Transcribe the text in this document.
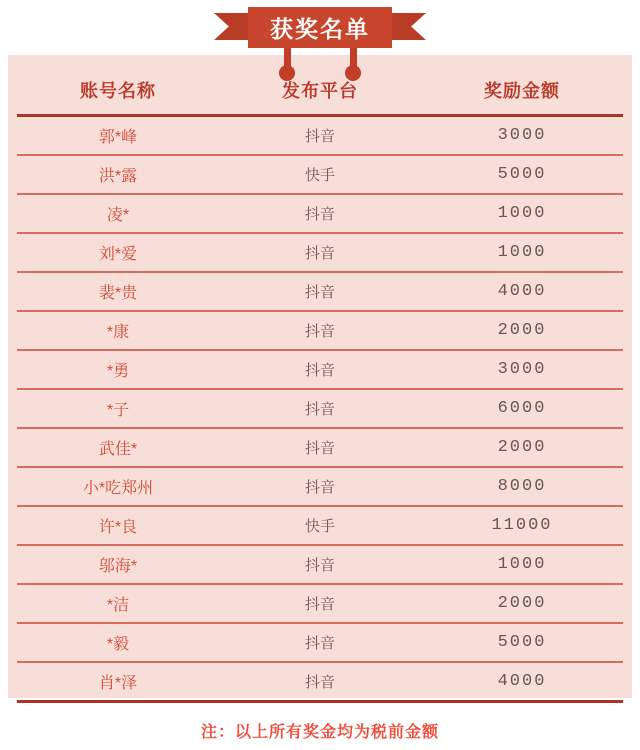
获奖名单
账号名称	发布平台	奖励金额
郭*峰	抖音	3000
洪*露	快手	5000
凌*	抖音	1000
刘*爱	抖音	1000
裴*贵	抖音	4000
*康	抖音	2000
*勇	抖音	3000
*子	抖音	6000
武佳*	抖音	2000
小*吃郑州	抖音	8000
许*良	快手	11000
邬海*	抖音	1000
*洁	抖音	2000
*毅	抖音	5000
肖*泽	抖音	4000
注：以上所有奖金均为税前金额
